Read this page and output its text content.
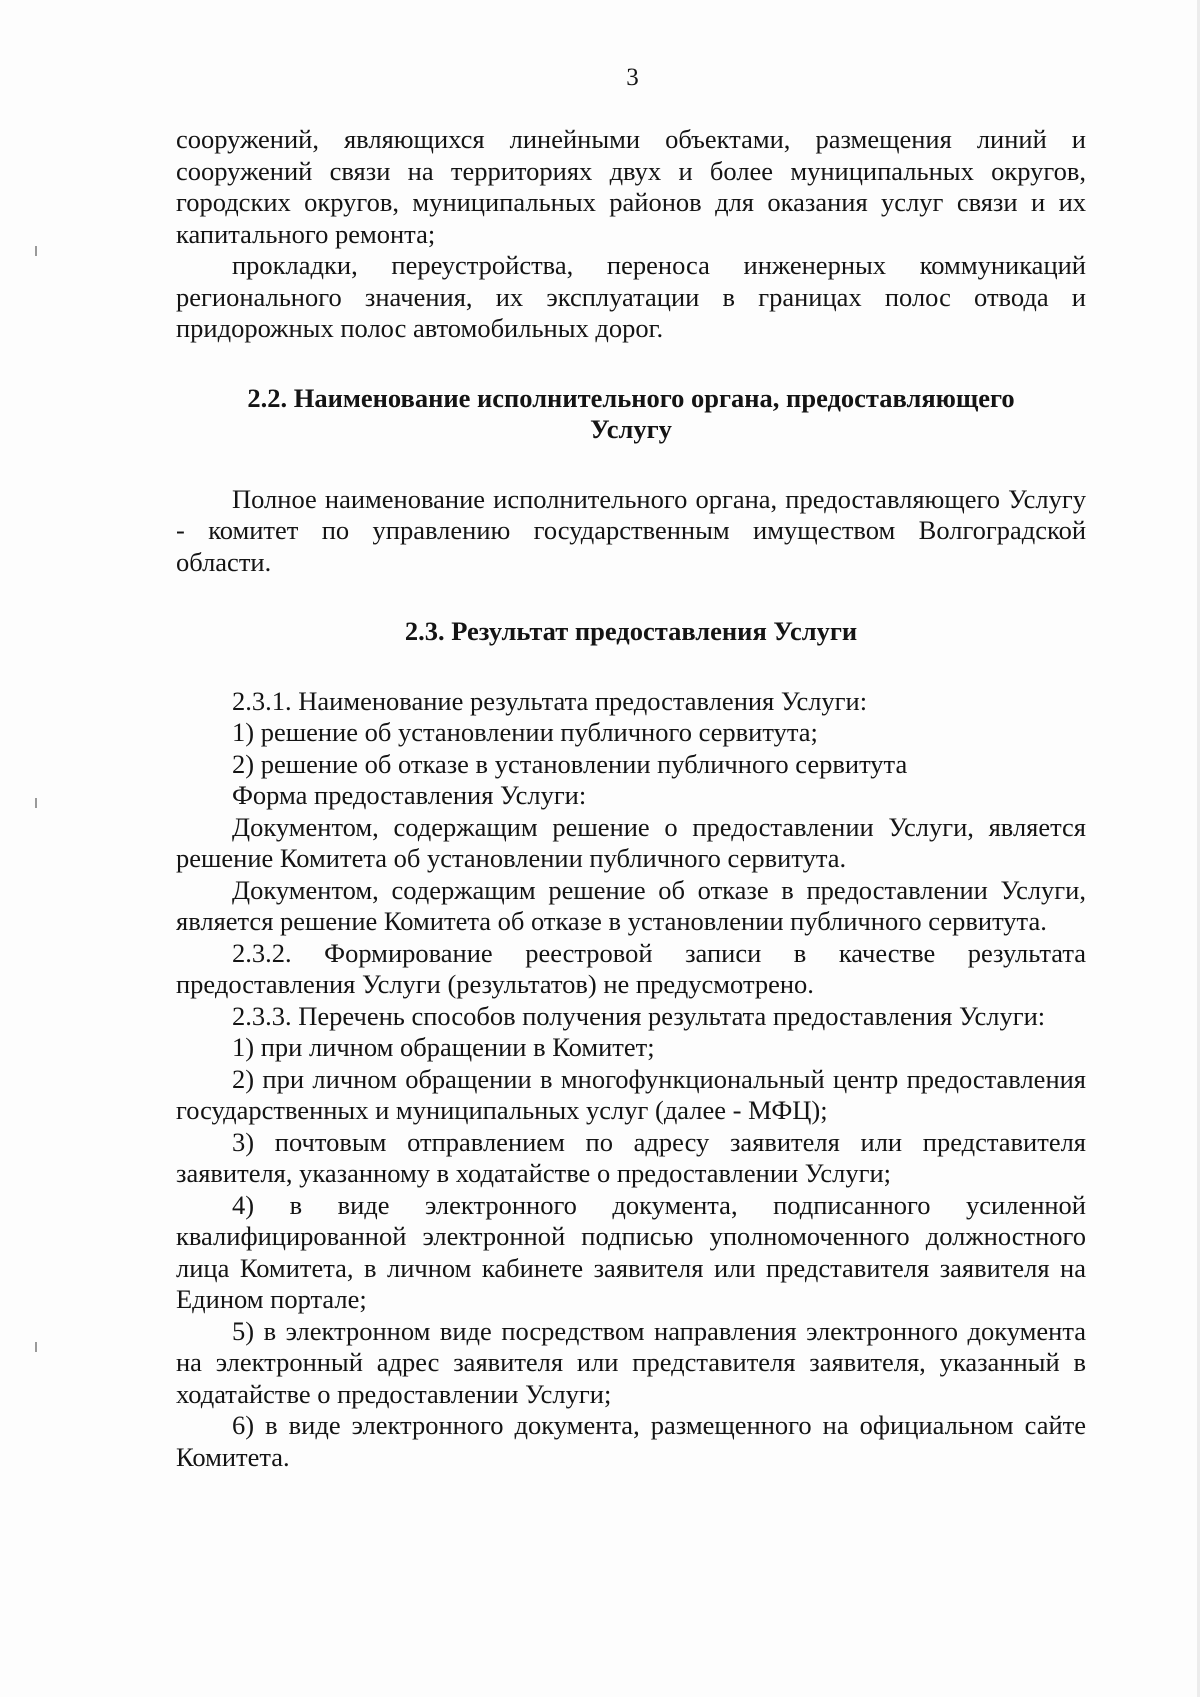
3

сооружений, являющихся линейными объектами, размещения линий и сооружений связи на территориях двух и более муниципальных округов, городских округов, муниципальных районов для оказания услуг связи и их капитального ремонта;

прокладки, переустройства, переноса инженерных коммуникаций регионального значения, их эксплуатации в границах полос отвода и придорожных полос автомобильных дорог.

2.2. Наименование исполнительного органа, предоставляющего
Услугу

Полное наименование исполнительного органа, предоставляющего Услугу - комитет по управлению государственным имуществом Волгоградской области.

2.3. Результат предоставления Услуги

2.3.1. Наименование результата предоставления Услуги:

1) решение об установлении публичного сервитута;

2) решение об отказе в установлении публичного сервитута

Форма предоставления Услуги:

Документом, содержащим решение о предоставлении Услуги, является решение Комитета об установлении публичного сервитута.

Документом, содержащим решение об отказе в предоставлении Услуги, является решение Комитета об отказе в установлении публичного сервитута.

2.3.2. Формирование реестровой записи в качестве результата предоставления Услуги (результатов) не предусмотрено.

2.3.3. Перечень способов получения результата предоставления Услуги:

1) при личном обращении в Комитет;

2) при личном обращении в многофункциональный центр предоставления государственных и муниципальных услуг (далее - МФЦ);

3) почтовым отправлением по адресу заявителя или представителя заявителя, указанному в ходатайстве о предоставлении Услуги;

4) в виде электронного документа, подписанного усиленной квалифицированной электронной подписью уполномоченного должностного лица Комитета, в личном кабинете заявителя или представителя заявителя на Едином портале;

5) в электронном виде посредством направления электронного документа на электронный адрес заявителя или представителя заявителя, указанный в ходатайстве о предоставлении Услуги;

6) в виде электронного документа, размещенного на официальном сайте Комитета.
